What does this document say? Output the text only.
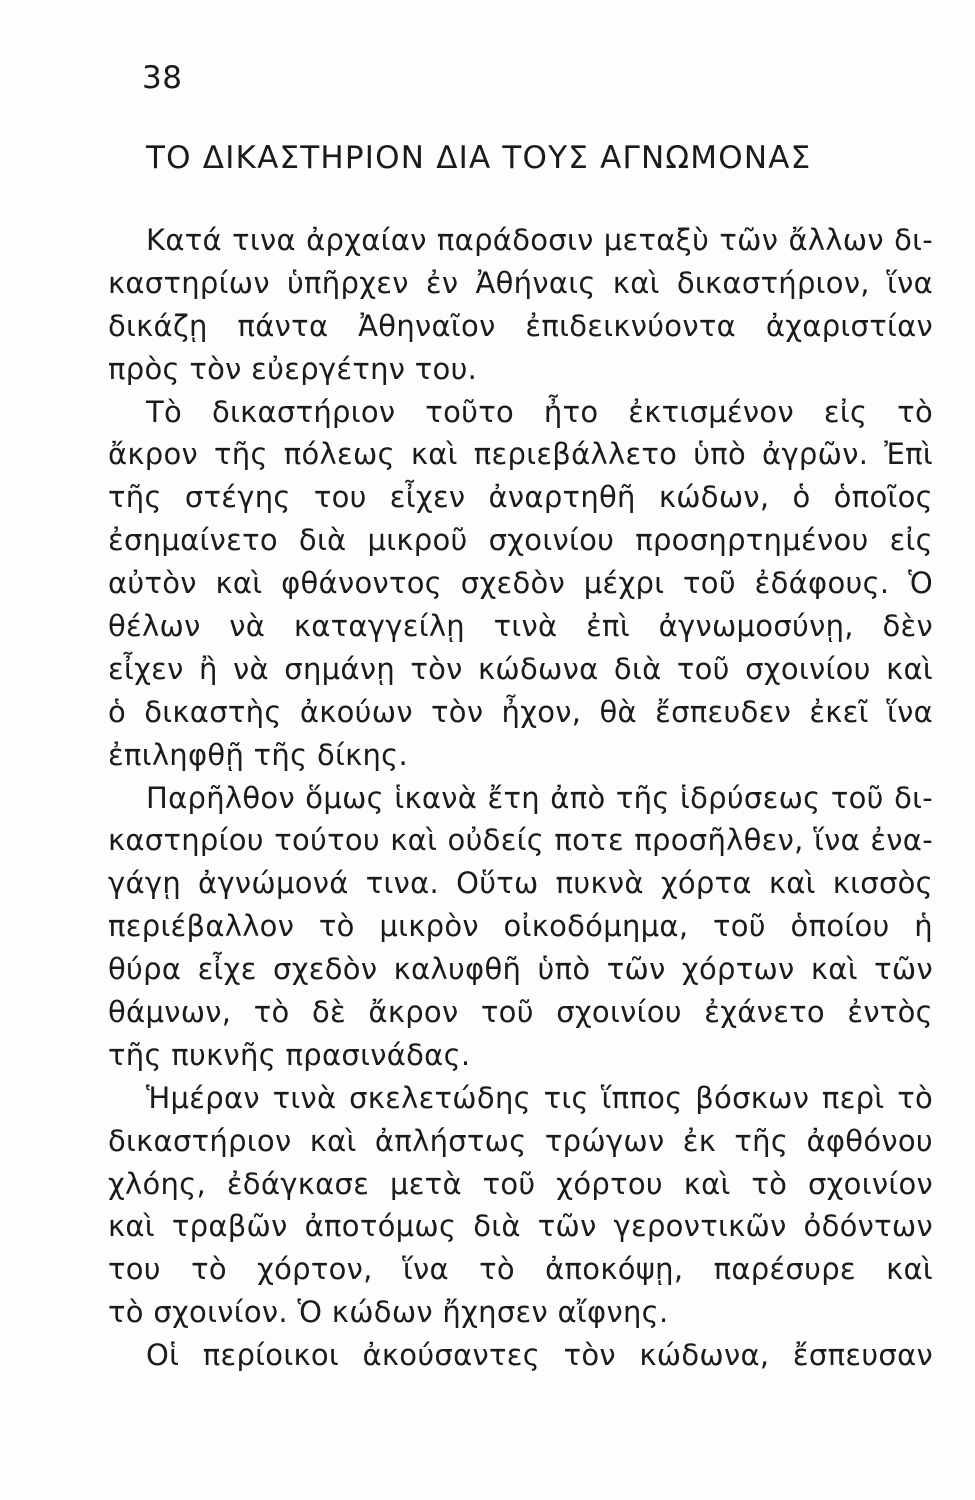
38
ΤΟ ΔΙΚΑΣΤΗΡΙΟΝ ΔΙΑ ΤΟΥΣ ΑΓΝΩΜΟΝΑΣ
Κατά τινα ἀρχαίαν παράδοσιν μεταξὺ τῶν ἄλλων δι-
καστηρίων ὑπῆρχεν ἐν Ἀθήναις καὶ δικαστήριον, ἵνα
δικάζῃ πάντα Ἀθηναῖον ἐπιδεικνύοντα ἀχαριστίαν
πρὸς τὸν εὐεργέτην του.
Τὸ δικαστήριον τοῦτο ἦτο ἐκτισμένον εἰς τὸ
ἄκρον τῆς πόλεως καὶ περιεβάλλετο ὑπὸ ἀγρῶν. Ἐπὶ
τῆς στέγης του εἶχεν ἀναρτηθῆ κώδων, ὁ ὁποῖος
ἐσημαίνετο διὰ μικροῦ σχοινίου προσηρτημένου εἰς
αὐτὸν καὶ φθάνοντος σχεδὸν μέχρι τοῦ ἐδάφους. Ὁ
θέλων νὰ καταγγείλῃ τινὰ ἐπὶ ἀγνωμοσύνῃ, δὲν
εἶχεν ἢ νὰ σημάνῃ τὸν κώδωνα διὰ τοῦ σχοινίου καὶ
ὁ δικαστὴς ἀκούων τὸν ἦχον, θὰ ἔσπευδεν ἐκεῖ ἵνα
ἐπιληφθῇ τῆς δίκης.
Παρῆλθον ὅμως ἱκανὰ ἔτη ἀπὸ τῆς ἱδρύσεως τοῦ δι-
καστηρίου τούτου καὶ οὐδείς ποτε προσῆλθεν, ἵνα ἐνα-
γάγῃ ἀγνώμονά τινα. Οὕτω πυκνὰ χόρτα καὶ κισσὸς
περιέβαλλον τὸ μικρὸν οἰκοδόμημα, τοῦ ὁποίου ἡ
θύρα εἶχε σχεδὸν καλυφθῆ ὑπὸ τῶν χόρτων καὶ τῶν
θάμνων, τὸ δὲ ἄκρον τοῦ σχοινίου ἐχάνετο ἐντὸς
τῆς πυκνῆς πρασινάδας.
Ἡμέραν τινὰ σκελετώδης τις ἵππος βόσκων περὶ τὸ
δικαστήριον καὶ ἀπλήστως τρώγων ἐκ τῆς ἀφθόνου
χλόης, ἐδάγκασε μετὰ τοῦ χόρτου καὶ τὸ σχοινίον
καὶ τραβῶν ἀποτόμως διὰ τῶν γεροντικῶν ὀδόντων
του τὸ χόρτον, ἵνα τὸ ἀποκόψῃ, παρέσυρε καὶ
τὸ σχοινίον. Ὁ κώδων ἤχησεν αἴφνης.
Οἱ περίοικοι ἀκούσαντες τὸν κώδωνα, ἔσπευσαν
